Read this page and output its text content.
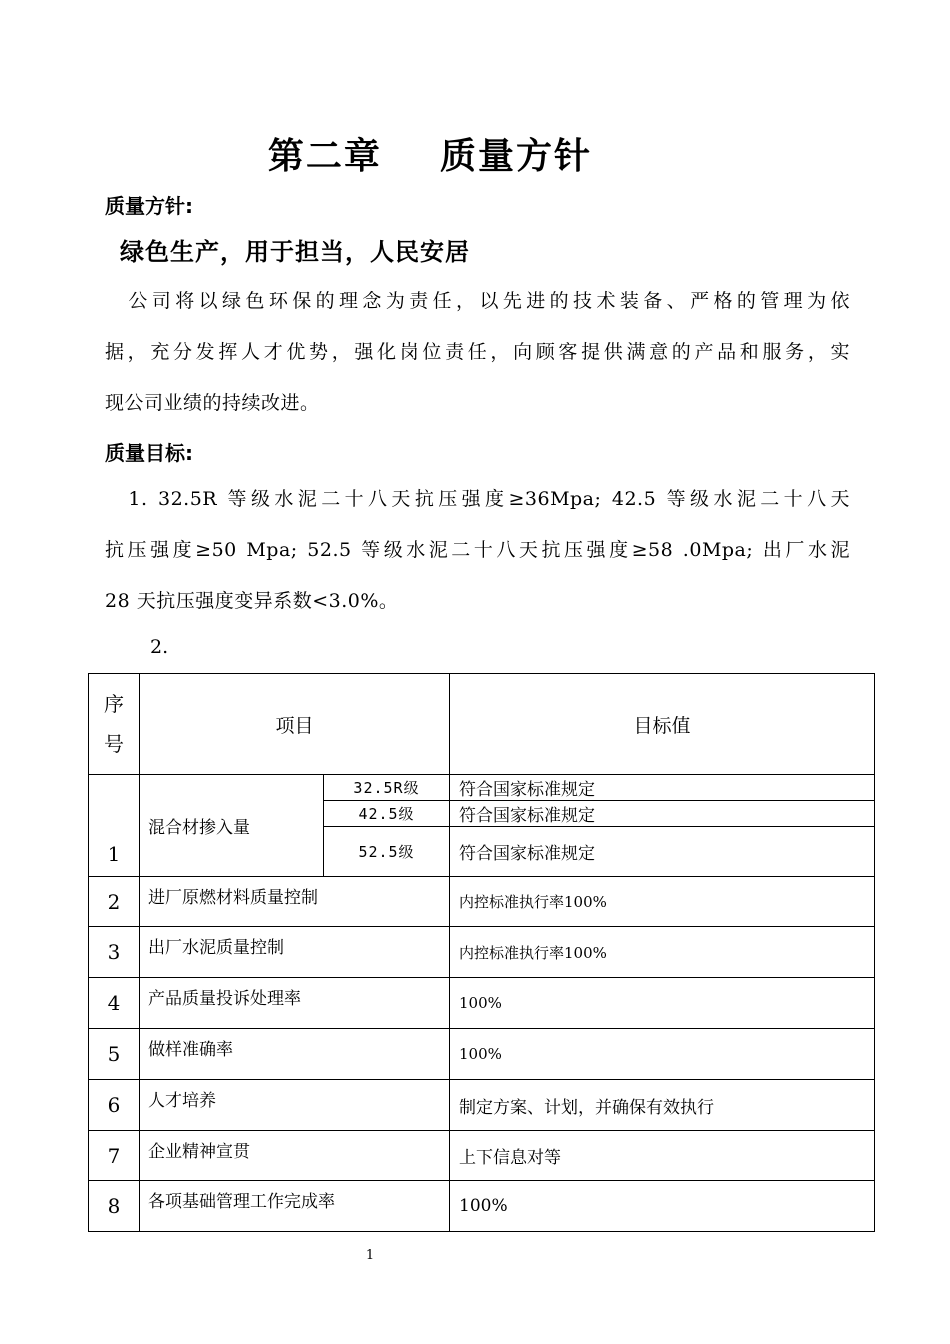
第二章    质量方针
质量方针:
绿色生产，用于担当，人民安居
　公司将以绿色环保的理念为责任，以先进的技术装备、严格的管理为依
据，充分发挥人才优势，强化岗位责任，向顾客提供满意的产品和服务，实
现公司业绩的持续改进。
质量目标:
　1. 32.5R 等级水泥二十八天抗压强度≥36Mpa; 42.5 等级水泥二十八天
抗压强度≥50 Mpa; 52.5 等级水泥二十八天抗压强度≥58 .0Mpa; 出厂水泥
28 天抗压强度变异系数<3.0%。
2.
序
号	项目		目标值
1	混合材掺入量	32.5R级	符合国家标准规定
		42.5级	符合国家标准规定
		52.5级	符合国家标准规定
2	进厂原燃材料质量控制		内控标准执行率100%
3	出厂水泥质量控制		内控标准执行率100%
4	产品质量投诉处理率		100%
5	做样准确率		100%
6	人才培养		制定方案、计划，并确保有效执行
7	企业精神宣贯		上下信息对等
8	各项基础管理工作完成率		100%
1
